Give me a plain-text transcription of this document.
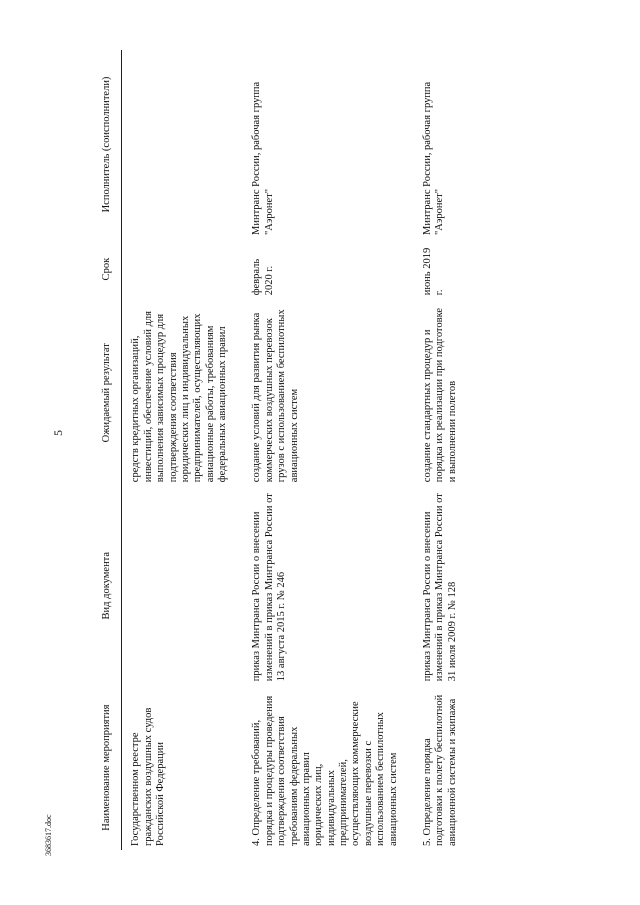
5
Наименование мероприятия	Вид документа	Ожидаемый результат	Срок	Исполнитель (соисполнители)
Государственном реестре гражданских воздушных судов Российской Федерации		средств кредитных организаций, инвестиций, обеспечение условий для выполнения зависимых процедур для подтверждения соответствия юридических лиц и индивидуальных предпринимателей, осуществляющих авиационные работы, требованиям федеральных авиационных правил		
4. Определение требований, порядка и процедуры проведения подтверждения соответствия требованиям федеральных авиационных правил юридических лиц, индивидуальных предпринимателей, осуществляющих коммерческие воздушные перевозки с использованием беспилотных авиационных систем	приказ Минтранса России о внесении изменений в приказ Минтранса России от 13 августа 2015 г. № 246	создание условий для развития рынка коммерческих воздушных перевозок грузов с использованием беспилотных авиационных систем	февраль 2020 г.	Минтранс России, рабочая группа "Аэронет"
5. Определение порядка подготовки к полету беспилотной авиационной системы и экипажа	приказ Минтранса России о внесении изменений в приказ Минтранса России от 31 июля 2009 г. № 128	создание стандартных процедур и порядка их реализации при подготовке и выполнении полетов	июнь 2019 г.	Минтранс России, рабочая группа "Аэронет"
3683617.doc
